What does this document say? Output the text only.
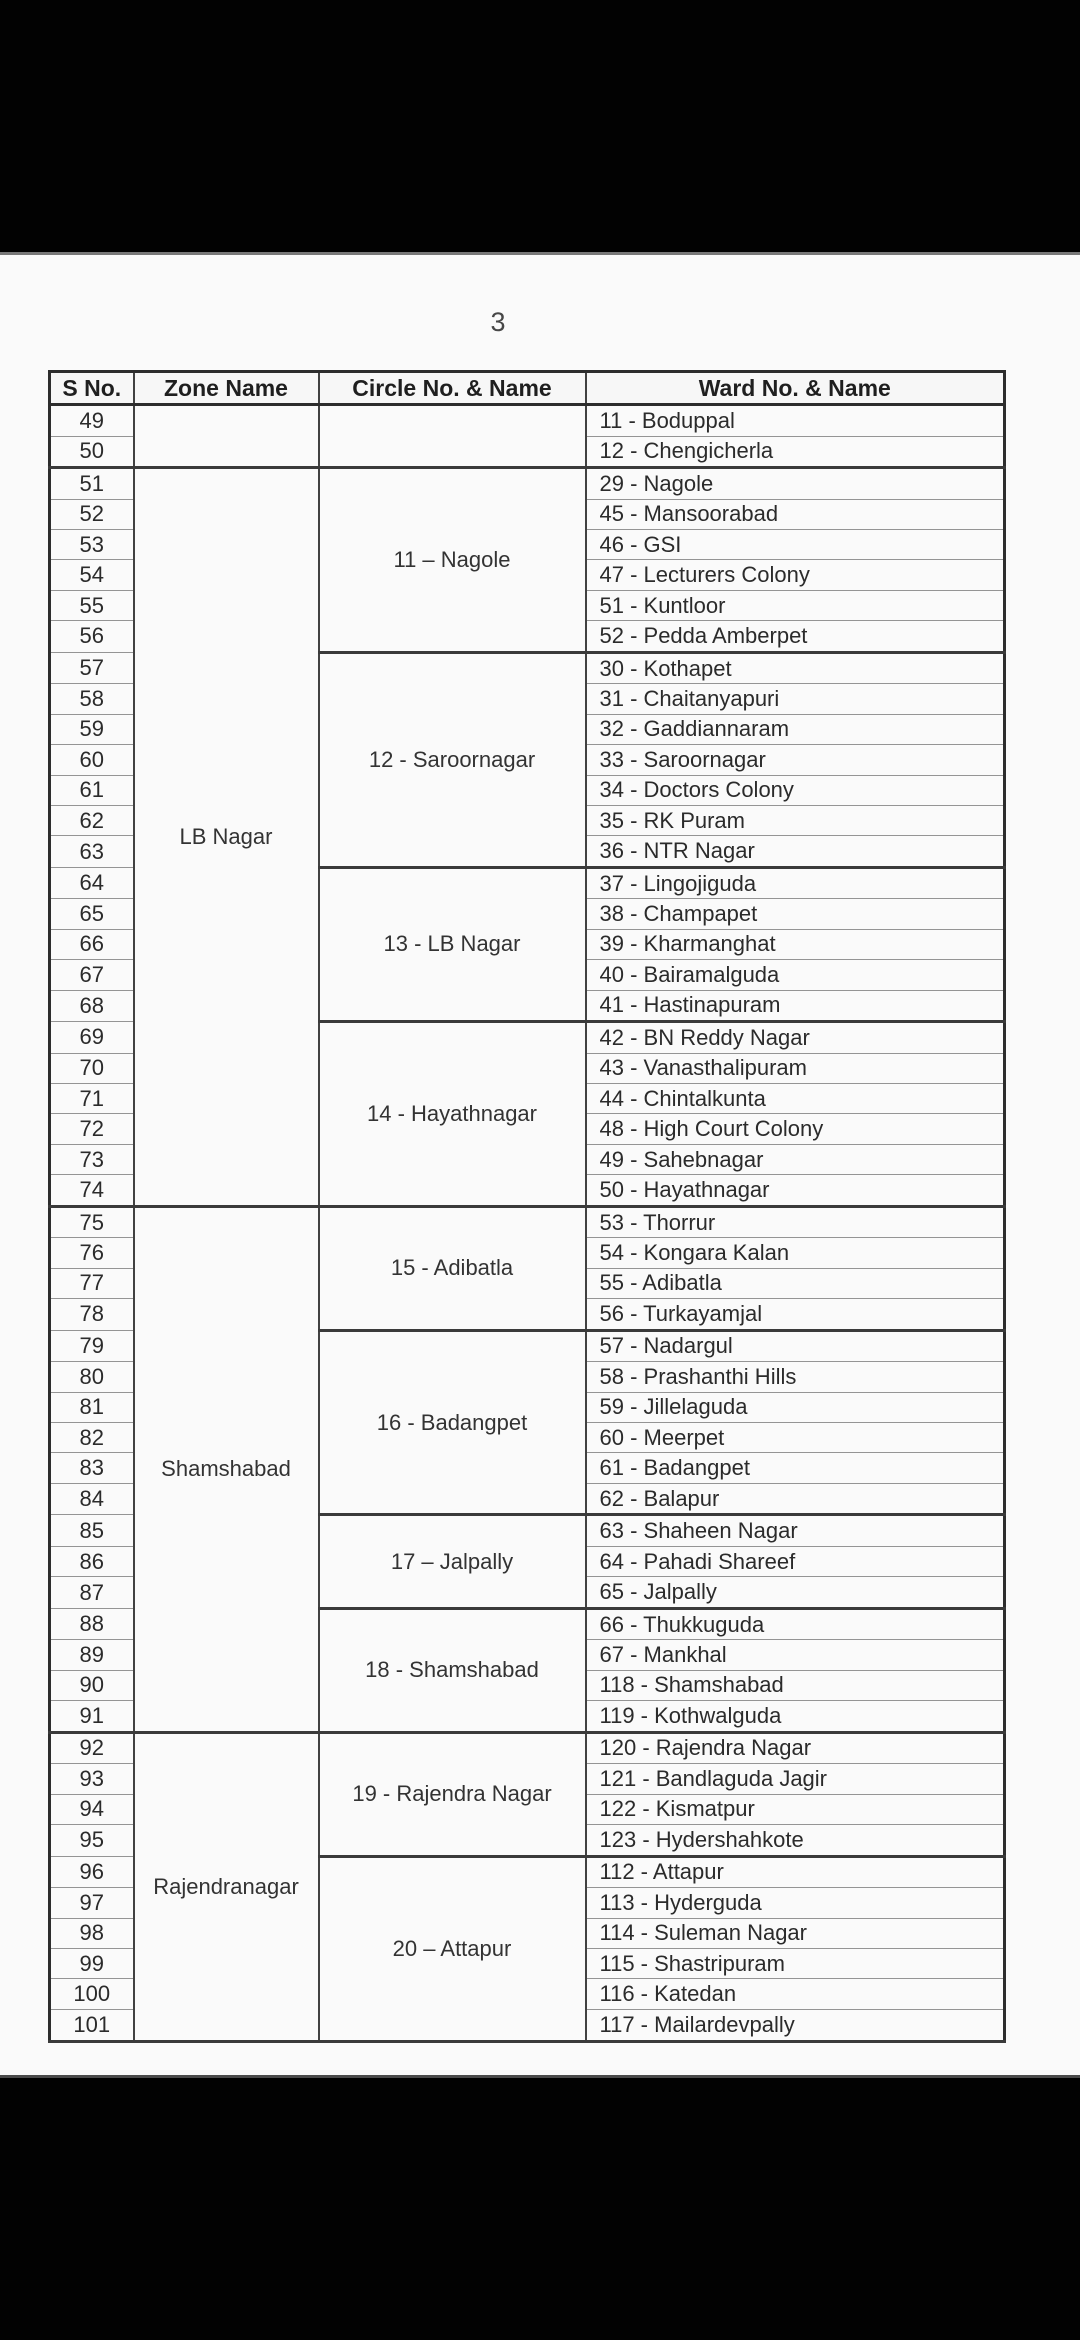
3
S No.	Zone Name	Circle No. & Name	Ward No. & Name
49			11 - Boduppal
50			12 - Chengicherla
51	LB Nagar	11 – Nagole	29 - Nagole
52			45 - Mansoorabad
53			46 - GSI
54			47 - Lecturers Colony
55			51 - Kuntloor
56			52 - Pedda Amberpet
57		12 - Saroornagar	30 - Kothapet
58			31 - Chaitanyapuri
59			32 - Gaddiannaram
60			33 - Saroornagar
61			34 - Doctors Colony
62			35 - RK Puram
63			36 - NTR Nagar
64		13 - LB Nagar	37 - Lingojiguda
65			38 - Champapet
66			39 - Kharmanghat
67			40 - Bairamalguda
68			41 - Hastinapuram
69		14 - Hayathnagar	42 - BN Reddy Nagar
70			43 - Vanasthalipuram
71			44 - Chintalkunta
72			48 - High Court Colony
73			49 - Sahebnagar
74			50 - Hayathnagar
75	Shamshabad	15 - Adibatla	53 - Thorrur
76			54 - Kongara Kalan
77			55 - Adibatla
78			56 - Turkayamjal
79		16 - Badangpet	57 - Nadargul
80			58 - Prashanthi Hills
81			59 - Jillelaguda
82			60 - Meerpet
83			61 - Badangpet
84			62 - Balapur
85		17 – Jalpally	63 - Shaheen Nagar
86			64 - Pahadi Shareef
87			65 - Jalpally
88		18 - Shamshabad	66 - Thukkuguda
89			67 - Mankhal
90			118 - Shamshabad
91			119 - Kothwalguda
92	Rajendranagar	19 - Rajendra Nagar	120 - Rajendra Nagar
93			121 - Bandlaguda Jagir
94			122 - Kismatpur
95			123 - Hydershahkote
96		20 – Attapur	112 - Attapur
97			113 - Hyderguda
98			114 - Suleman Nagar
99			115 - Shastripuram
100			116 - Katedan
101			117 - Mailardevpally
